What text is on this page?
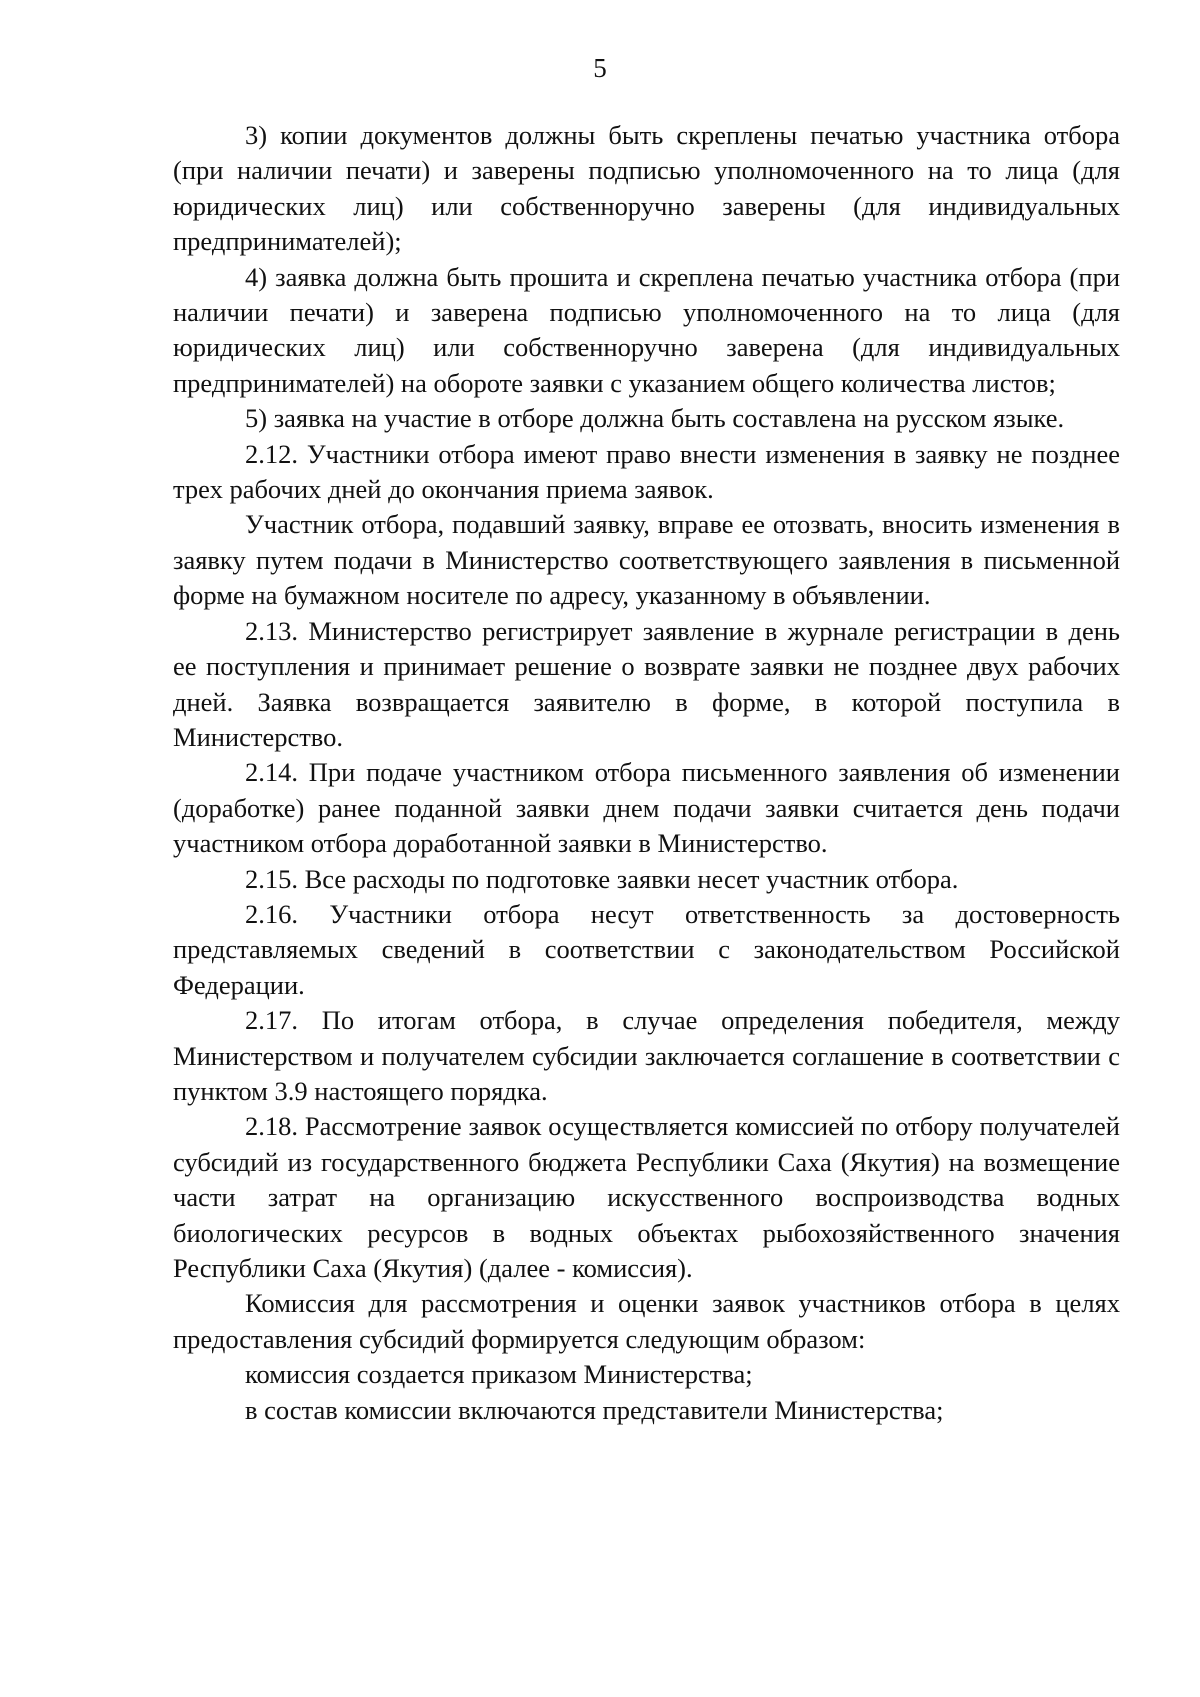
5

3) копии документов должны быть скреплены печатью участника отбора (при наличии печати) и заверены подписью уполномоченного на то лица (для юридических лиц) или собственноручно заверены (для индивидуальных предпринимателей);

4) заявка должна быть прошита и скреплена печатью участника отбора (при наличии печати) и заверена подписью уполномоченного на то лица (для юридических лиц) или собственноручно заверена (для индивидуальных предпринимателей) на обороте заявки с указанием общего количества листов;

5) заявка на участие в отборе должна быть составлена на русском языке.

2.12. Участники отбора имеют право внести изменения в заявку не позднее трех рабочих дней до окончания приема заявок.

Участник отбора, подавший заявку, вправе ее отозвать, вносить изменения в заявку путем подачи в Министерство соответствующего заявления в письменной форме на бумажном носителе по адресу, указанному в объявлении.

2.13. Министерство регистрирует заявление в журнале регистрации в день ее поступления и принимает решение о возврате заявки не позднее двух рабочих дней. Заявка возвращается заявителю в форме, в которой поступила в Министерство.

2.14. При подаче участником отбора письменного заявления об изменении (доработке) ранее поданной заявки днем подачи заявки считается день подачи участником отбора доработанной заявки в Министерство.

2.15. Все расходы по подготовке заявки несет участник отбора.

2.16. Участники отбора несут ответственность за достоверность представляемых сведений в соответствии с законодательством Российской Федерации.

2.17. По итогам отбора, в случае определения победителя, между Министерством и получателем субсидии заключается соглашение в соответствии с пунктом 3.9 настоящего порядка.

2.18. Рассмотрение заявок осуществляется комиссией по отбору получателей субсидий из государственного бюджета Республики Саха (Якутия) на возмещение части затрат на организацию искусственного воспроизводства водных биологических ресурсов в водных объектах рыбохозяйственного значения Республики Саха (Якутия) (далее - комиссия).

Комиссия для рассмотрения и оценки заявок участников отбора в целях предоставления субсидий формируется следующим образом:

комиссия создается приказом Министерства;

в состав комиссии включаются представители Министерства;
